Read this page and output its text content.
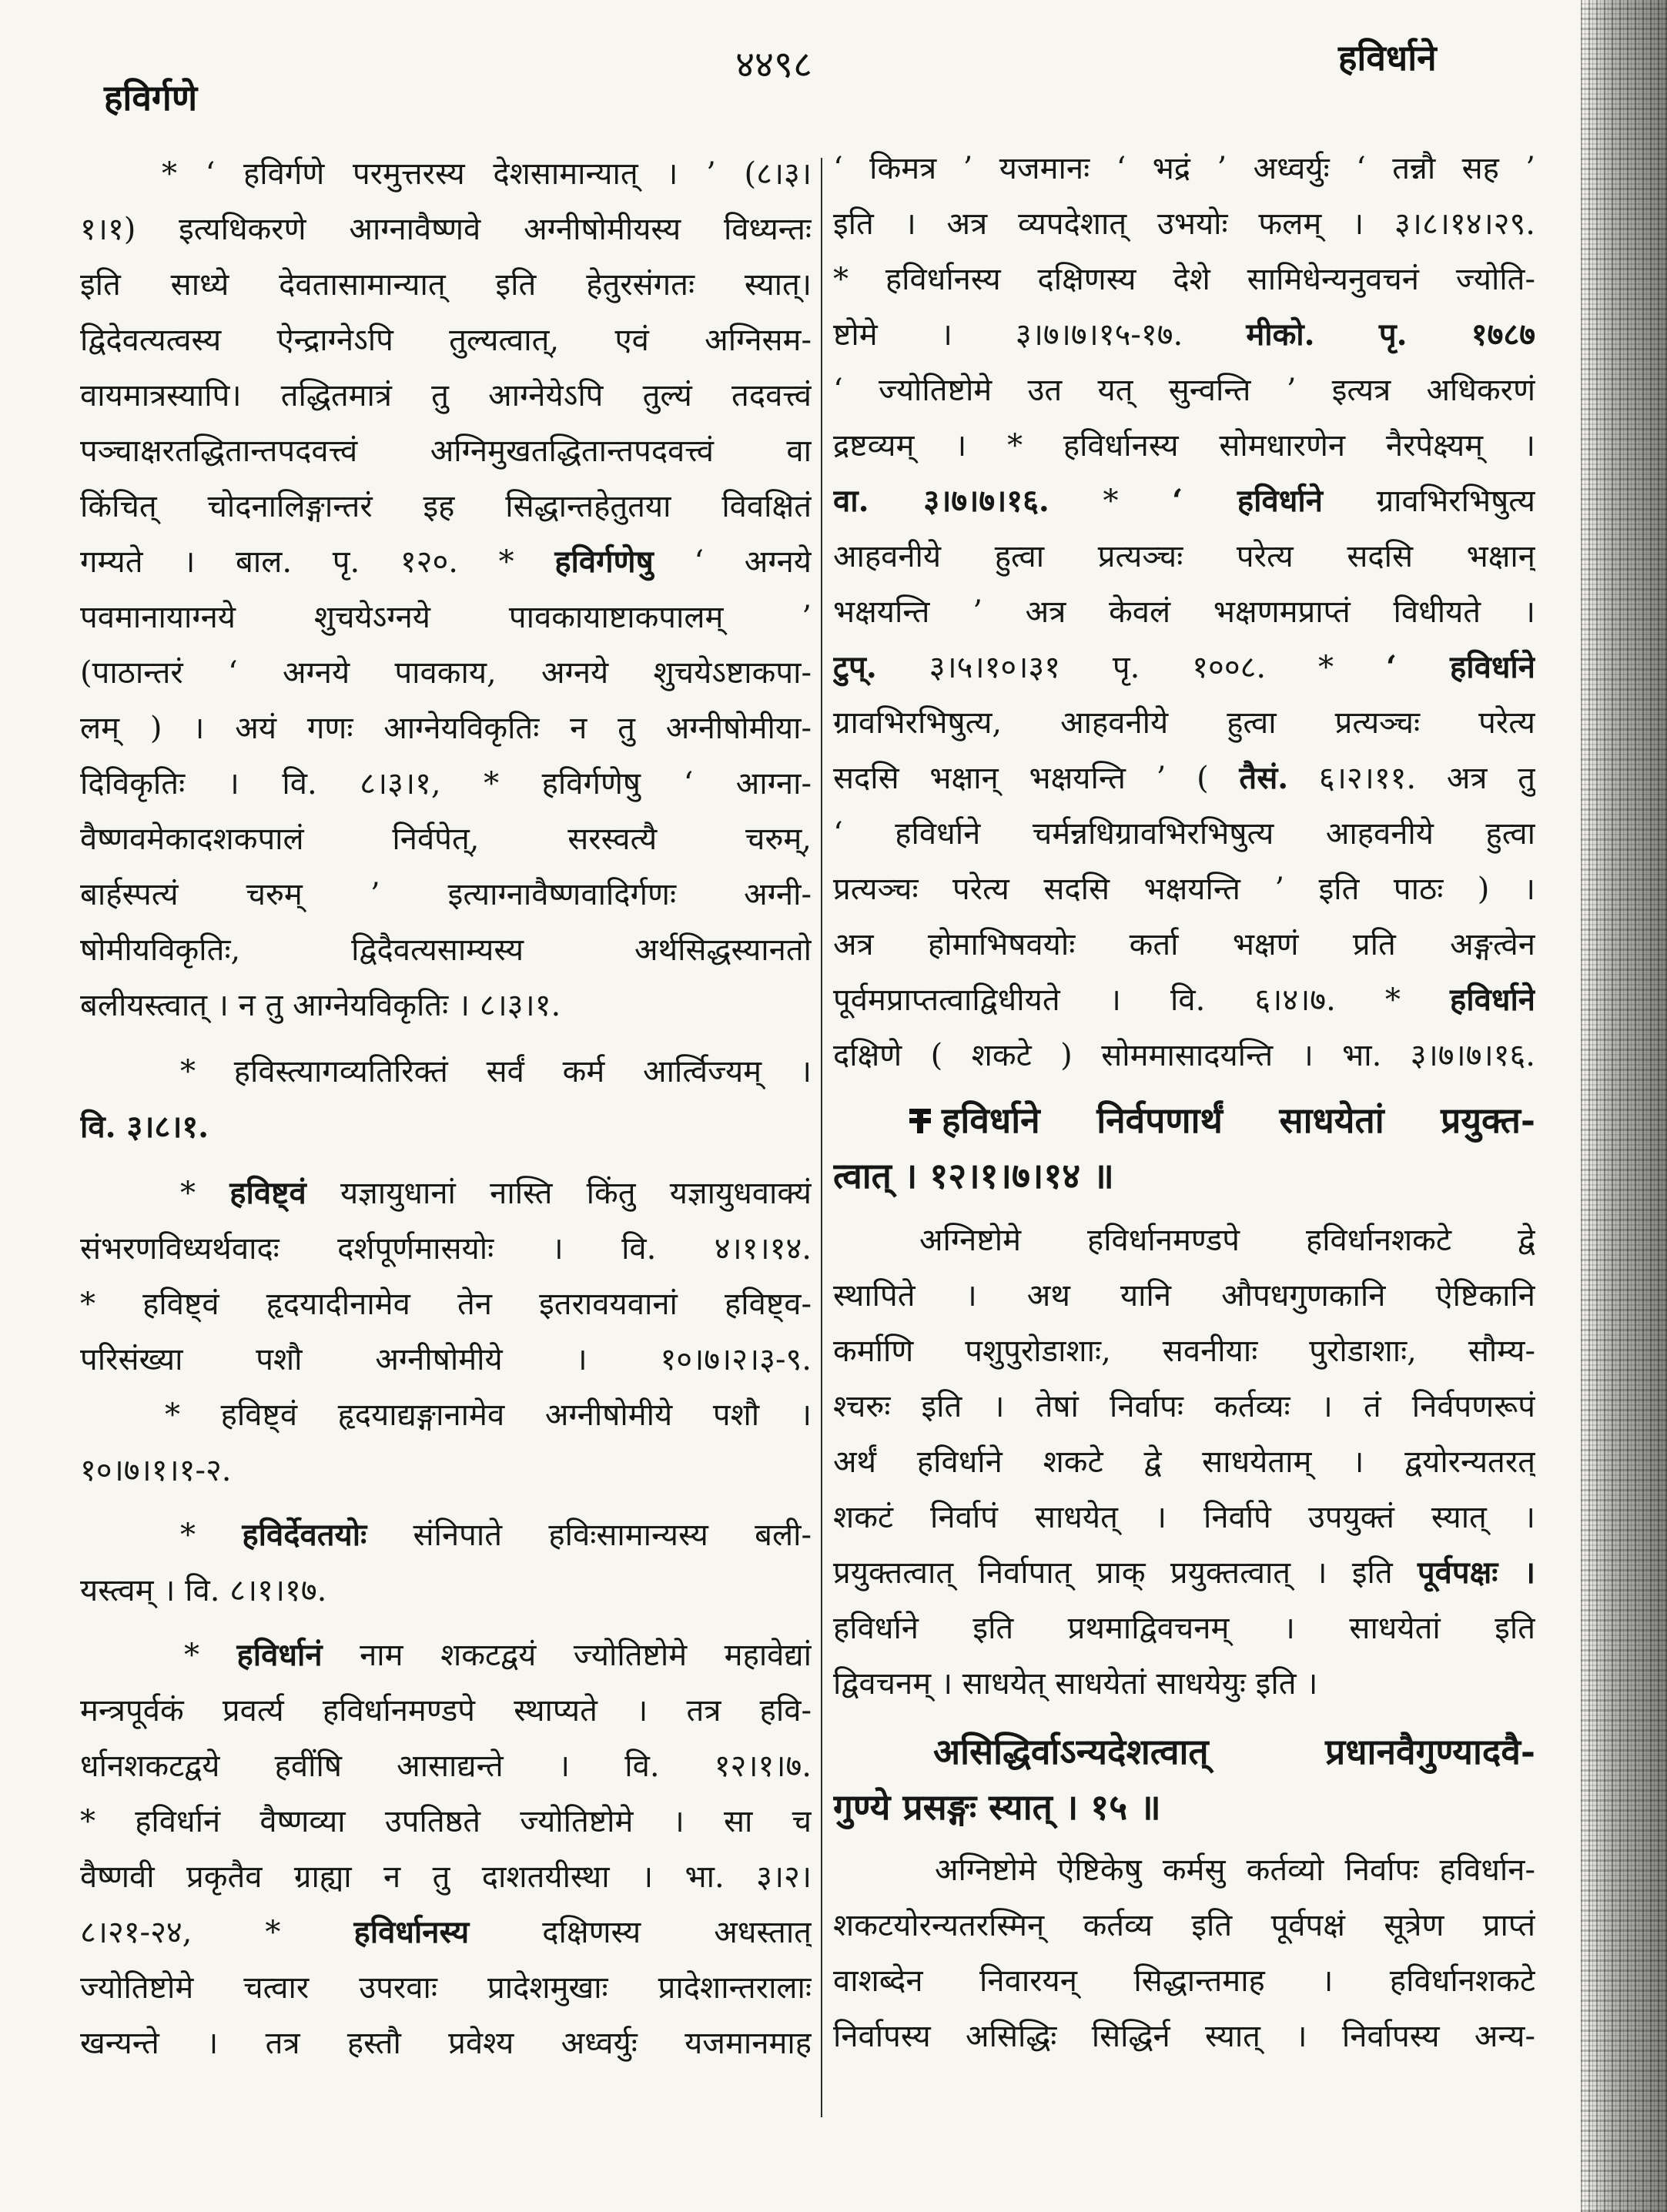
हविर्गणे
४४९८	हविर्धाने
* ‘ हविर्गणे परमुत्तरस्य देशसामान्यात् । ’ (८।३।
१।१) इत्यधिकरणे आग्नावैष्णवे अग्नीषोमीयस्य विध्यन्तः
इति साध्ये देवतासामान्यात् इति हेतुरसंगतः स्यात्।
द्विदेवत्यत्वस्य ऐन्द्राग्नेऽपि तुल्यत्वात्, एवं अग्निसम-
वायमात्रस्यापि। तद्धितमात्रं तु आग्नेयेऽपि तुल्यं तदवत्त्वं
पञ्चाक्षरतद्धितान्तपदवत्त्वं अग्निमुखतद्धितान्तपदवत्त्वं वा
किंचित् चोदनालिङ्गान्तरं इह सिद्धान्तहेतुतया विवक्षितं
गम्यते । बाल. पृ. १२०. * हविर्गणेषु ‘ अग्नये
पवमानायाग्नये शुचयेऽग्नये पावकायाष्टाकपालम् ’
(पाठान्तरं ‘ अग्नये पावकाय, अग्नये शुचयेऽष्टाकपा-
लम् ) । अयं गणः आग्नेयविकृतिः न तु अग्नीषोमीया-
दिविकृतिः । वि. ८।३।१, * हविर्गणेषु ‘ आग्ना-
वैष्णवमेकादशकपालं निर्वपेत्, सरस्वत्यै चरुम्,
बार्हस्पत्यं चरुम् ’ इत्याग्नावैष्णवादिर्गणः अग्नी-
षोमीयविकृतिः, द्विदैवत्यसाम्यस्य अर्थसिद्धस्यानतो
बलीयस्त्वात् । न तु आग्नेयविकृतिः । ८।३।१.
* हविस्त्यागव्यतिरिक्तं सर्वं कर्म आर्त्विज्यम् ।
वि. ३।८।१.
* हविष्ट्वं यज्ञायुधानां नास्ति किंतु यज्ञायुधवाक्यं
संभरणविध्यर्थवादः दर्शपूर्णमासयोः । वि. ४।१।१४.
* हविष्ट्वं हृदयादीनामेव तेन इतरावयवानां हविष्ट्व-
परिसंख्या पशौ अग्नीषोमीये । १०।७।२।३-९.
* हविष्ट्वं हृदयाद्यङ्गानामेव अग्नीषोमीये पशौ ।
१०।७।१।१-२.
* हविर्देवतयोः संनिपाते हविःसामान्यस्य बली-
यस्त्वम् । वि. ८।१।१७.
* हविर्धानं नाम शकटद्वयं ज्योतिष्टोमे महावेद्यां
मन्त्रपूर्वकं प्रवर्त्य हविर्धानमण्डपे स्थाप्यते । तत्र हवि-
र्धानशकटद्वये हवींषि आसाद्यन्ते । वि. १२।१।७.
* हविर्धानं वैष्णव्या उपतिष्ठते ज्योतिष्टोमे । सा च
वैष्णवी प्रकृतैव ग्राह्या न तु दाशतयीस्था । भा. ३।२।
८।२१-२४, * हविर्धानस्य दक्षिणस्य अधस्तात्
ज्योतिष्टोमे चत्वार उपरवाः प्रादेशमुखाः प्रादेशान्तरालाः
खन्यन्ते । तत्र हस्तौ प्रवेश्य अध्वर्युः यजमानमाह
‘ किमत्र ’ यजमानः ‘ भद्रं ’ अध्वर्युः ‘ तन्नौ सह ’
इति । अत्र व्यपदेशात् उभयोः फलम् । ३।८।१४।२९.
* हविर्धानस्य दक्षिणस्य देशे सामिधेन्यनुवचनं ज्योति-
ष्टोमे । ३।७।७।१५-१७. मीको. पृ. १७८७
‘ ज्योतिष्टोमे उत यत् सुन्वन्ति ’ इत्यत्र अधिकरणं
द्रष्टव्यम् । * हविर्धानस्य सोमधारणेन नैरपेक्ष्यम् ।
वा. ३।७।७।१६. * ‘ हविर्धाने ग्रावभिरभिषुत्य
आहवनीये हुत्वा प्रत्यञ्चः परेत्य सदसि भक्षान्
भक्षयन्ति ’ अत्र केवलं भक्षणमप्राप्तं विधीयते ।
टुप्. ३।५।१०।३१ पृ. १००८. * ‘ हविर्धाने
ग्रावभिरभिषुत्य, आहवनीये हुत्वा प्रत्यञ्चः परेत्य
सदसि भक्षान् भक्षयन्ति ’ ( तैसं. ६।२।११. अत्र तु
‘ हविर्धाने चर्मन्नधिग्रावभिरभिषुत्य आहवनीये हुत्वा
प्रत्यञ्चः परेत्य सदसि भक्षयन्ति ’ इति पाठः ) ।
अत्र होमाभिषवयोः कर्ता भक्षणं प्रति अङ्गत्वेन
पूर्वमप्राप्तत्वाद्विधीयते । वि. ६।४।७. * हविर्धाने
दक्षिणे ( शकटे ) सोममासादयन्ति । भा. ३।७।७।१६.
हविर्धाने निर्वपणार्थं साधयेतां प्रयुक्त-
त्वात् । १२।१।७।१४ ॥
अग्निष्टोमे हविर्धानमण्डपे हविर्धानशकटे द्वे
स्थापिते । अथ यानि औपधगुणकानि ऐष्टिकानि
कर्माणि पशुपुरोडाशाः, सवनीयाः पुरोडाशाः, सौम्य-
श्चरुः इति । तेषां निर्वापः कर्तव्यः । तं निर्वपणरूपं
अर्थं हविर्धाने शकटे द्वे साधयेताम् । द्वयोरन्यतरत्
शकटं निर्वापं साधयेत् । निर्वापे उपयुक्तं स्यात् ।
प्रयुक्तत्वात् निर्वापात् प्राक् प्रयुक्तत्वात् । इति पूर्वपक्षः ।
हविर्धाने इति प्रथमाद्विवचनम् । साधयेतां इति
द्विवचनम् । साधयेत् साधयेतां साधयेयुः इति ।
असिद्धिर्वाऽन्यदेशत्वात् प्रधानवैगुण्यादवै-
गुण्ये प्रसङ्गः स्यात् । १५ ॥
अग्निष्टोमे ऐष्टिकेषु कर्मसु कर्तव्यो निर्वापः हविर्धान-
शकटयोरन्यतरस्मिन् कर्तव्य इति पूर्वपक्षं सूत्रेण प्राप्तं
वाशब्देन निवारयन् सिद्धान्तमाह । हविर्धानशकटे
निर्वापस्य असिद्धिः सिद्धिर्न स्यात् । निर्वापस्य अन्य-
